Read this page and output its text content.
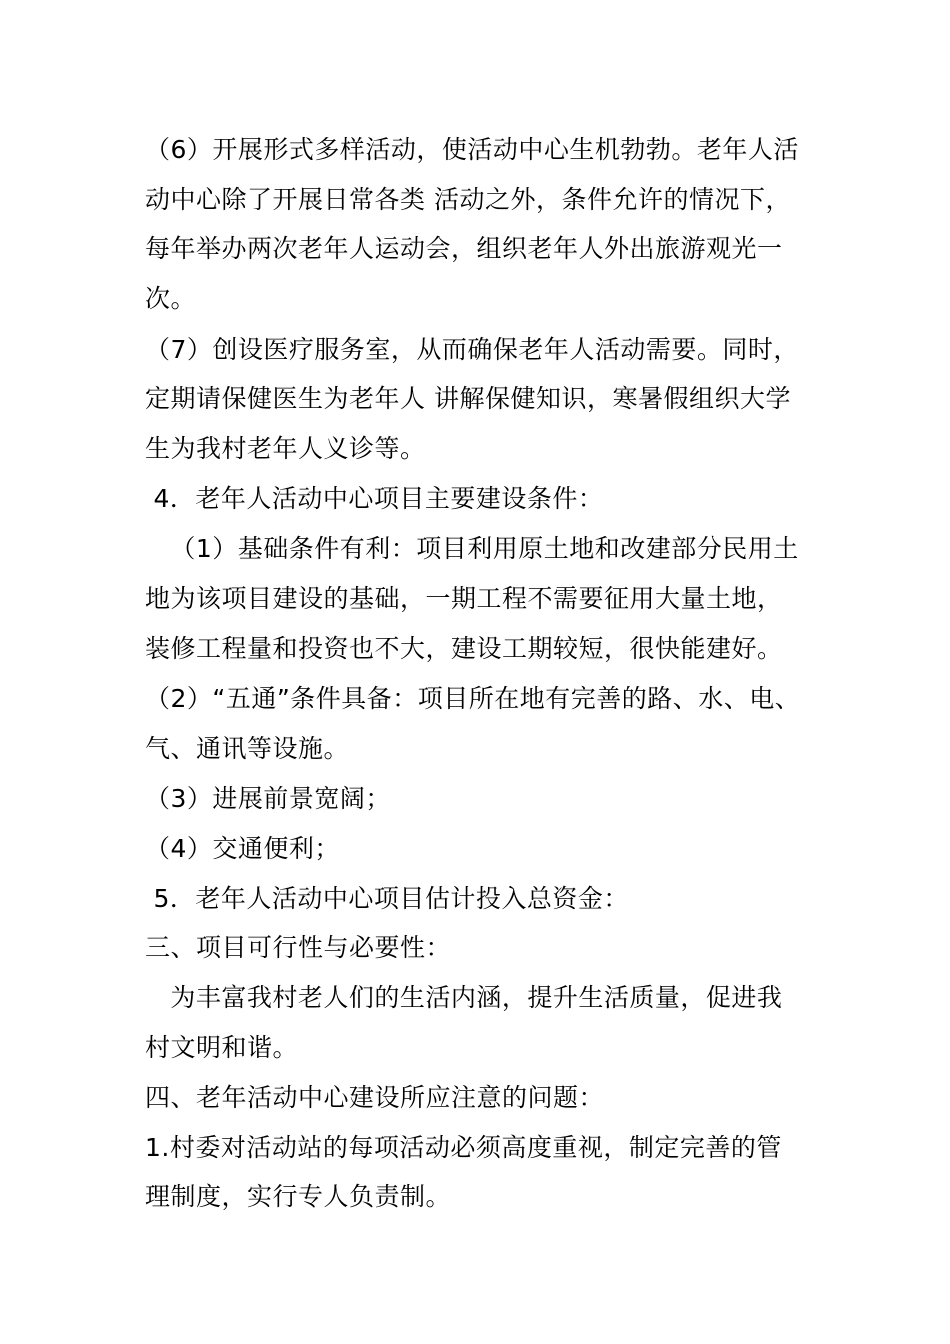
（6）开展形式多样活动，使活动中心生机勃勃。老年人活
动中心除了开展日常各类 活动之外，条件允许的情况下，
每年举办两次老年人运动会，组织老年人外出旅游观光一
次。
（7）创设医疗服务室，从而确保老年人活动需要。同时，
定期请保健医生为老年人 讲解保健知识，寒暑假组织大学
生为我村老年人义诊等。
4．老年人活动中心项目主要建设条件：
（1）基础条件有利：项目利用原土地和改建部分民用土
地为该项目建设的基础，一期工程不需要征用大量土地，
装修工程量和投资也不大，建设工期较短，很快能建好。
（2）“五通”条件具备：项目所在地有完善的路、水、电、
气、通讯等设施。
（3）进展前景宽阔；
（4）交通便利；
5．老年人活动中心项目估计投入总资金：
三、项目可行性与必要性：
为丰富我村老人们的生活内涵，提升生活质量，促进我
村文明和谐。
四、老年活动中心建设所应注意的问题：
1.村委对活动站的每项活动必须高度重视，制定完善的管
理制度，实行专人负责制。
